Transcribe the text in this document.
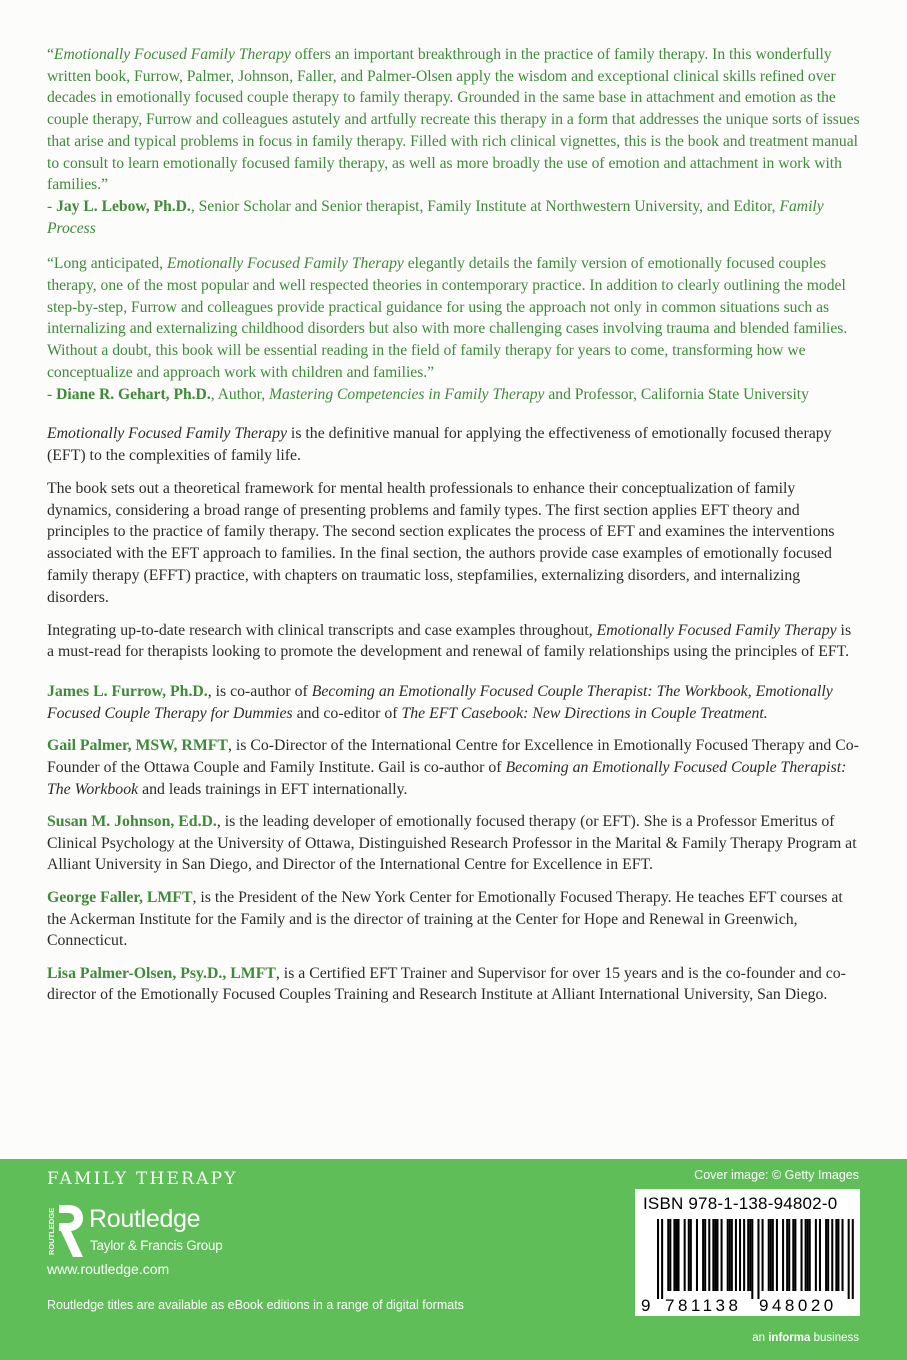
“Emotionally Focused Family Therapy offers an important breakthrough in the practice of family therapy. In this wonderfully written book, Furrow, Palmer, Johnson, Faller, and Palmer-Olsen apply the wisdom and exceptional clinical skills refined over decades in emotionally focused couple therapy to family therapy. Grounded in the same base in attachment and emotion as the couple therapy, Furrow and colleagues astutely and artfully recreate this therapy in a form that addresses the unique sorts of issues that arise and typical problems in focus in family therapy. Filled with rich clinical vignettes, this is the book and treatment manual to consult to learn emotionally focused family therapy, as well as more broadly the use of emotion and attachment in work with families.”
- Jay L. Lebow, Ph.D., Senior Scholar and Senior therapist, Family Institute at Northwestern University, and Editor, Family Process
“Long anticipated, Emotionally Focused Family Therapy elegantly details the family version of emotionally focused couples therapy, one of the most popular and well respected theories in contemporary practice. In addition to clearly outlining the model step-by-step, Furrow and colleagues provide practical guidance for using the approach not only in common situations such as internalizing and externalizing childhood disorders but also with more challenging cases involving trauma and blended families. Without a doubt, this book will be essential reading in the field of family therapy for years to come, transforming how we conceptualize and approach work with children and families.”
- Diane R. Gehart, Ph.D., Author, Mastering Competencies in Family Therapy and Professor, California State University

Emotionally Focused Family Therapy is the definitive manual for applying the effectiveness of emotionally focused therapy (EFT) to the complexities of family life.

The book sets out a theoretical framework for mental health professionals to enhance their conceptualization of family dynamics, considering a broad range of presenting problems and family types. The first section applies EFT theory and principles to the practice of family therapy. The second section explicates the process of EFT and examines the interventions associated with the EFT approach to families. In the final section, the authors provide case examples of emotionally focused family therapy (EFFT) practice, with chapters on traumatic loss, stepfamilies, externalizing disorders, and internalizing disorders.

Integrating up-to-date research with clinical transcripts and case examples throughout, Emotionally Focused Family Therapy is a must-read for therapists looking to promote the development and renewal of family relationships using the principles of EFT.

James L. Furrow, Ph.D., is co-author of Becoming an Emotionally Focused Couple Therapist: The Workbook, Emotionally Focused Couple Therapy for Dummies and co-editor of The EFT Casebook: New Directions in Couple Treatment.

Gail Palmer, MSW, RMFT, is Co-Director of the International Centre for Excellence in Emotionally Focused Therapy and Co-Founder of the Ottawa Couple and Family Institute. Gail is co-author of Becoming an Emotionally Focused Couple Therapist: The Workbook and leads trainings in EFT internationally.

Susan M. Johnson, Ed.D., is the leading developer of emotionally focused therapy (or EFT). She is a Professor Emeritus of Clinical Psychology at the University of Ottawa, Distinguished Research Professor in the Marital & Family Therapy Program at Alliant University in San Diego, and Director of the International Centre for Excellence in EFT.

George Faller, LMFT, is the President of the New York Center for Emotionally Focused Therapy. He teaches EFT courses at the Ackerman Institute for the Family and is the director of training at the Center for Hope and Renewal in Greenwich, Connecticut.

Lisa Palmer-Olsen, Psy.D., LMFT, is a Certified EFT Trainer and Supervisor for over 15 years and is the co-founder and co-director of the Emotionally Focused Couples Training and Research Institute at Alliant International University, San Diego.

FAMILY THERAPY
ROUTLEDGE Routledge
Taylor & Francis Group
www.routledge.com
Routledge titles are available as eBook editions in a range of digital formats
Cover image: © Getty Images
ISBN 978-1-138-94802-0
9 781138 948020
an informa business
